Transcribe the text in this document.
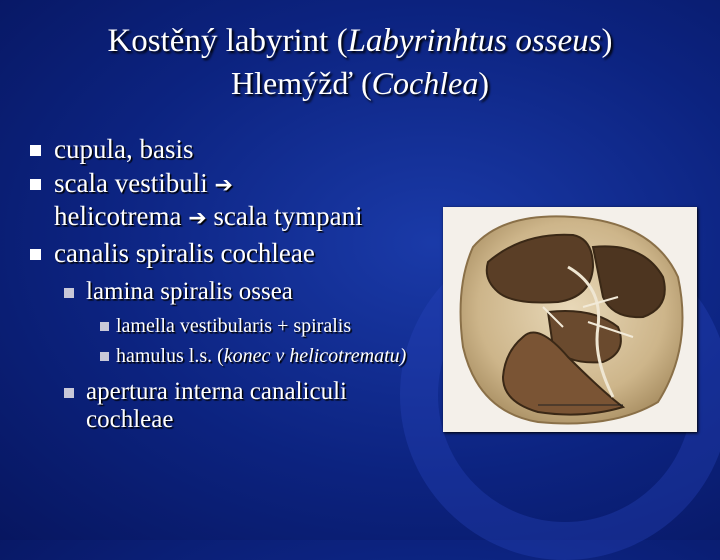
Kostěný labyrint (Labyrinhtus osseus)
Hlemýžď (Cochlea)
cupula, basis
scala vestibuli ➔
helicotrema ➔ scala tympani
canalis spiralis cochleae
lamina spiralis ossea
lamella vestibularis + spiralis
hamulus l.s. (konec v helicotrematu)
apertura interna canaliculi cochleae
